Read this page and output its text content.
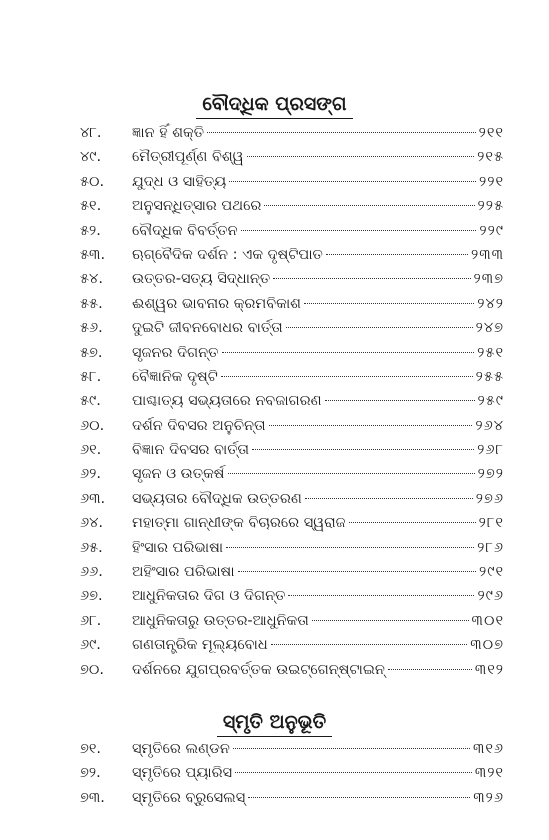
ବୌଦ୍ଧିକ ପ୍ରସଙ୍ଗ
୪୮.	ଜ୍ଞାନ ହିଁ ଶକ୍ତି	୨୧୧
୪୯.	ମୈତ୍ରୀପୂର୍ଣ୍ଣ ବିଶ୍ୱ	୨୧୫
୫୦.	ଯୁଦ୍ଧ ଓ ସାହିତ୍ୟ	୨୨୧
୫୧.	ଅନୁସନ୍ଧିତ୍ସାର ପଥରେ	୨୨୫
୫୨.	ବୌଦ୍ଧିକ ବିବର୍ତ୍ତନ	୨୨୯
୫୩.	ଋଗ୍‌ବୈଦିକ ଦର୍ଶନ : ଏକ ଦୃଷ୍ଟିପାତ	୨୩୩
୫୪.	ଉତ୍ତର-ସତ୍ୟ ସିଦ୍ଧାନ୍ତ	୨୩୭
୫୫.	ଈଶ୍ୱର ଭାବନାର କ୍ରମବିକାଶ	୨୪୨
୫୬.	ଦୁଇଟି ଜୀବନବୋଧର ବାର୍ତ୍ତା	୨୪୭
୫୭.	ସୃଜନର ଦିଗନ୍ତ	୨୫୧
୫୮.	ବୈଜ୍ଞାନିକ ଦୃଷ୍ଟି	୨୫୫
୫୯.	ପାଶ୍ଚାତ୍ୟ ସଭ୍ୟତାରେ ନବଜାଗରଣ	୨୫୯
୬୦.	ଦର୍ଶନ ଦିବସର ଅନୁଚିନ୍ତା	୨୬୪
୬୧.	ବିଜ୍ଞାନ ଦିବସର ବାର୍ତ୍ତା	୨୬୮
୬୨.	ସୃଜନ ଓ ଉତ୍କର୍ଷ	୨୭୨
୬୩.	ସଭ୍ୟତାର ବୌଦ୍ଧିକ ଉତ୍ତରଣ	୨୭୬
୬୪.	ମହାତ୍ମା ଗାନ୍ଧୀଙ୍କ ବିଚାରରେ ସ୍ୱରାଜ	୨୮୧
୬୫.	ହିଂସାର ପରିଭାଷା	୨୮୬
୬୬.	ଅହିଂସାର ପରିଭାଷା	୨୯୧
୬୭.	ଆଧୁନିକତାର ଦିଗ ଓ ଦିଗନ୍ତ	୨୯୬
୬୮.	ଆଧୁନିକତାରୁ ଉତ୍ତର-ଆଧୁନିକତା	୩୦୧
୬୯.	ଗଣତାନ୍ତ୍ରିକ ମୂଲ୍ୟବୋଧ	୩୦୭
୭୦.	ଦର୍ଶନରେ ଯୁଗପ୍ରବର୍ତ୍ତକ ଉଇଟ୍‌ଗେନ୍‌ଷ୍ଟାଇନ୍	୩୧୨
ସ୍ମୃତି ଅନୁଭୂତି
୭୧.	ସ୍ମୃତିରେ ଲଣ୍ଡନ	୩୧୬
୭୨.	ସ୍ମୃତିରେ ପ୍ୟାରିସ	୩୨୧
୭୩.	ସ୍ମୃତିରେ ବ୍ରୁସେଲସ୍	୩୨୬
